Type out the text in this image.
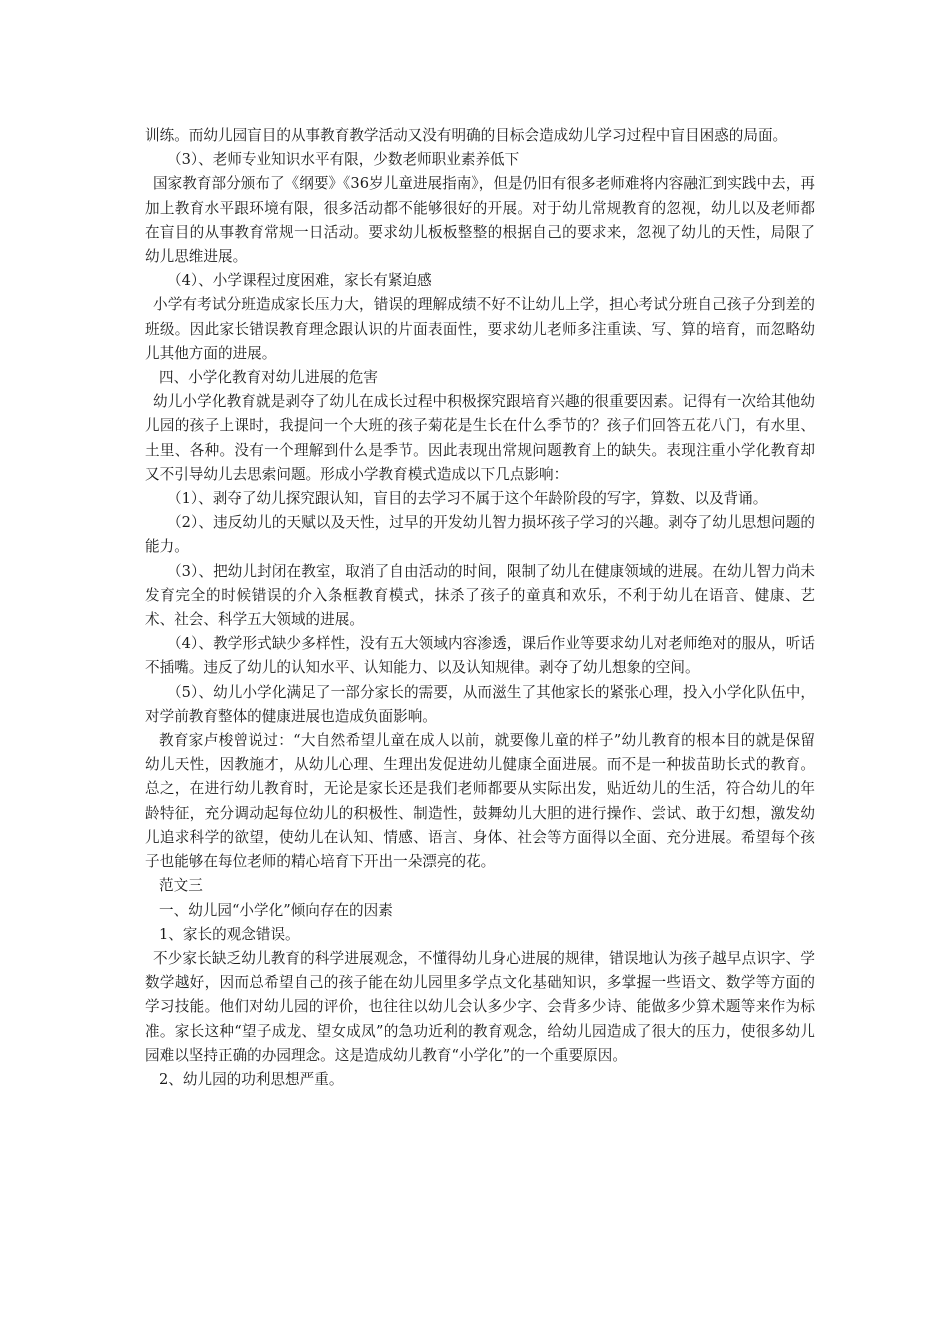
训练。而幼儿园盲目的从事教育教学活动又没有明确的目标会造成幼儿学习过程中盲目困惑的局面。

（3）、老师专业知识水平有限，少数老师职业素养低下

国家教育部分颁布了《纲要》《36岁儿童进展指南》，但是仍旧有很多老师难将内容融汇到实践中去，再加上教育水平跟环境有限，很多活动都不能够很好的开展。对于幼儿常规教育的忽视，幼儿以及老师都在盲目的从事教育常规一日活动。要求幼儿板板整整的根据自己的要求来，忽视了幼儿的天性，局限了幼儿思维进展。

（4）、小学课程过度困难，家长有紧迫感

小学有考试分班造成家长压力大，错误的理解成绩不好不让幼儿上学，担心考试分班自己孩子分到差的班级。因此家长错误教育理念跟认识的片面表面性，要求幼儿老师多注重读、写、算的培育，而忽略幼儿其他方面的进展。

四、小学化教育对幼儿进展的危害

幼儿小学化教育就是剥夺了幼儿在成长过程中积极探究跟培育兴趣的很重要因素。记得有一次给其他幼儿园的孩子上课时，我提问一个大班的孩子菊花是生长在什么季节的？孩子们回答五花八门，有水里、土里、各种。没有一个理解到什么是季节。因此表现出常规问题教育上的缺失。表现注重小学化教育却又不引导幼儿去思索问题。形成小学教育模式造成以下几点影响：

（1）、剥夺了幼儿探究跟认知，盲目的去学习不属于这个年龄阶段的写字，算数、以及背诵。

（2）、违反幼儿的天赋以及天性，过早的开发幼儿智力损坏孩子学习的兴趣。剥夺了幼儿思想问题的能力。

（3）、把幼儿封闭在教室，取消了自由活动的时间，限制了幼儿在健康领域的进展。在幼儿智力尚未发育完全的时候错误的介入条框教育模式，抹杀了孩子的童真和欢乐，不利于幼儿在语音、健康、艺术、社会、科学五大领域的进展。

（4）、教学形式缺少多样性，没有五大领域内容渗透，课后作业等要求幼儿对老师绝对的服从，听话不插嘴。违反了幼儿的认知水平、认知能力、以及认知规律。剥夺了幼儿想象的空间。

（5）、幼儿小学化满足了一部分家长的需要，从而滋生了其他家长的紧张心理，投入小学化队伍中，对学前教育整体的健康进展也造成负面影响。

教育家卢梭曾说过：“大自然希望儿童在成人以前，就要像儿童的样子”幼儿教育的根本目的就是保留幼儿天性，因教施才，从幼儿心理、生理出发促进幼儿健康全面进展。而不是一种拔苗助长式的教育。总之，在进行幼儿教育时，无论是家长还是我们老师都要从实际出发，贴近幼儿的生活，符合幼儿的年龄特征，充分调动起每位幼儿的积极性、制造性，鼓舞幼儿大胆的进行操作、尝试、敢于幻想，激发幼儿追求科学的欲望，使幼儿在认知、情感、语言、身体、社会等方面得以全面、充分进展。希望每个孩子也能够在每位老师的精心培育下开出一朵漂亮的花。

范文三

一、幼儿园“小学化”倾向存在的因素

1、家长的观念错误。

不少家长缺乏幼儿教育的科学进展观念，不懂得幼儿身心进展的规律，错误地认为孩子越早点识字、学数学越好，因而总希望自己的孩子能在幼儿园里多学点文化基础知识，多掌握一些语文、数学等方面的学习技能。他们对幼儿园的评价，也往往以幼儿会认多少字、会背多少诗、能做多少算术题等来作为标准。家长这种“望子成龙、望女成凤”的急功近利的教育观念，给幼儿园造成了很大的压力，使很多幼儿园难以坚持正确的办园理念。这是造成幼儿教育“小学化”的一个重要原因。

2、幼儿园的功利思想严重。
